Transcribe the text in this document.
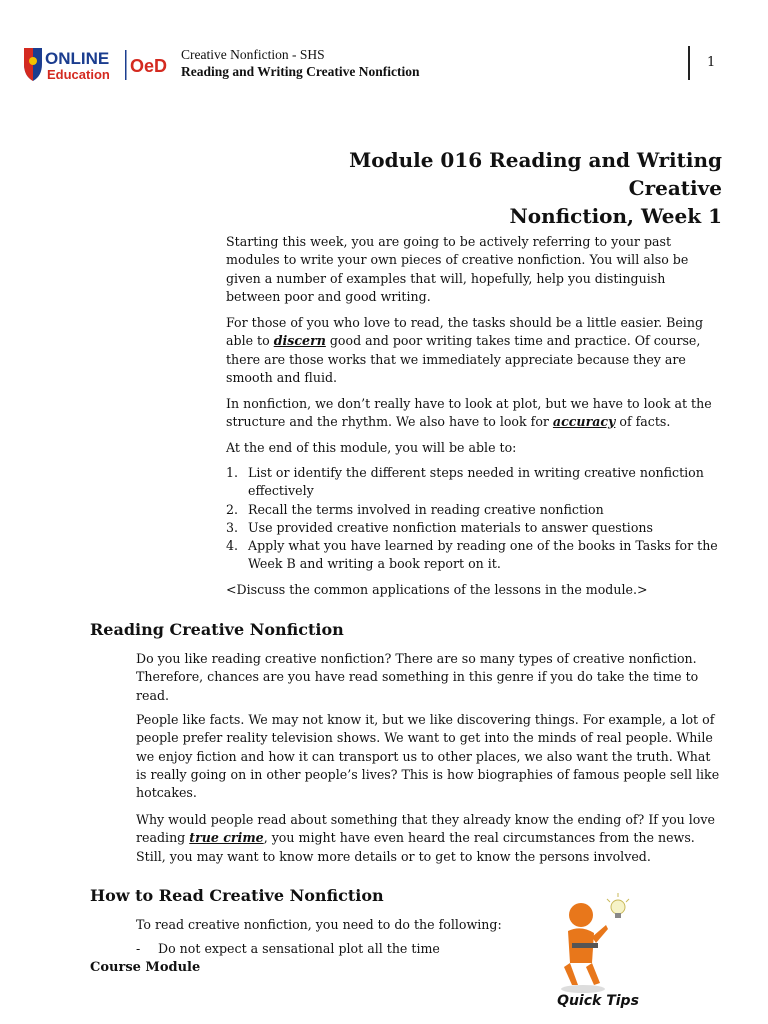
ONLINE
Education OeD
Creative Nonfiction - SHS
Reading and Writing Creative Nonfiction
1
Module 016 Reading and Writing Creative
Nonfiction, Week 1

Starting this week, you are going to be actively referring to your past modules to write your own pieces of creative nonfiction. You will also be given a number of examples that will, hopefully, help you distinguish between poor and good writing.

For those of you who love to read, the tasks should be a little easier. Being able to discern good and poor writing takes time and practice. Of course, there are those works that we immediately appreciate because they are smooth and fluid.

In nonfiction, we don’t really have to look at plot, but we have to look at the structure and the rhythm. We also have to look for accuracy of facts.

At the end of this module, you will be able to:

1. List or identify the different steps needed in writing creative nonfiction effectively
2. Recall the terms involved in reading creative nonfiction
3. Use provided creative nonfiction materials to answer questions
4. Apply what you have learned by reading one of the books in Tasks for the Week B and writing a book report on it.

<Discuss the common applications of the lessons in the module.>

Reading Creative Nonfiction

Do you like reading creative nonfiction? There are so many types of creative nonfiction. Therefore, chances are you have read something in this genre if you do take the time to read.

People like facts. We may not know it, but we like discovering things. For example, a lot of people prefer reality television shows. We want to get into the minds of real people. While we enjoy fiction and how it can transport us to other places, we also want the truth. What is really going on in other people’s lives? This is how biographies of famous people sell like hotcakes.

Why would people read about something that they already know the ending of? If you love reading true crime, you might have even heard the real circumstances from the news. Still, you may want to know more details or to get to know the persons involved.

How to Read Creative Nonfiction

To read creative nonfiction, you need to do the following:

- Do not expect a sensational plot all the time
Course Module
Quick Tips
